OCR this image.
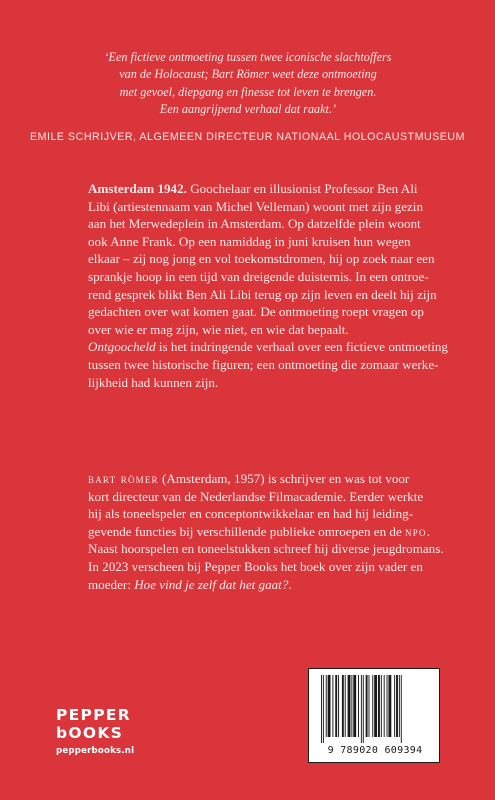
‘Een fictieve ontmoeting tussen twee iconische slachtoffers
van de Holocaust; Bart Römer weet deze ontmoeting
met gevoel, diepgang en finesse tot leven te brengen.
Een aangrijpend verhaal dat raakt.’
EMILE SCHRIJVER, ALGEMEEN DIRECTEUR NATIONAAL HOLOCAUSTMUSEUM
Amsterdam 1942. Goochelaar en illusionist Professor Ben Ali
Libi (artiestennaam van Michel Velleman) woont met zijn gezin
aan het Merwedeplein in Amsterdam. Op datzelfde plein woont
ook Anne Frank. Op een namiddag in juni kruisen hun wegen
elkaar – zij nog jong en vol toekomstdromen, hij op zoek naar een
sprankje hoop in een tijd van dreigende duisternis. In een ontroe-
rend gesprek blikt Ben Ali Libi terug op zijn leven en deelt hij zijn
gedachten over wat komen gaat. De ontmoeting roept vragen op
over wie er mag zijn, wie niet, en wie dat bepaalt.
Ontgoocheld is het indringende verhaal over een fictieve ontmoeting
tussen twee historische figuren; een ontmoeting die zomaar werke-
lijkheid had kunnen zijn.
bart römer (Amsterdam, 1957) is schrijver en was tot voor
kort directeur van de Nederlandse Filmacademie. Eerder werkte
hij als toneelspeler en conceptontwikkelaar en had hij leiding-
gevende functies bij verschillende publieke omroepen en de npo.
Naast hoorspelen en toneelstukken schreef hij diverse jeugdromans.
In 2023 verscheen bij Pepper Books het boek over zijn vader en
moeder: Hoe vind je zelf dat het gaat?.
PEPPER
bOOKS
pepperbooks.nl	9 789020 609394
